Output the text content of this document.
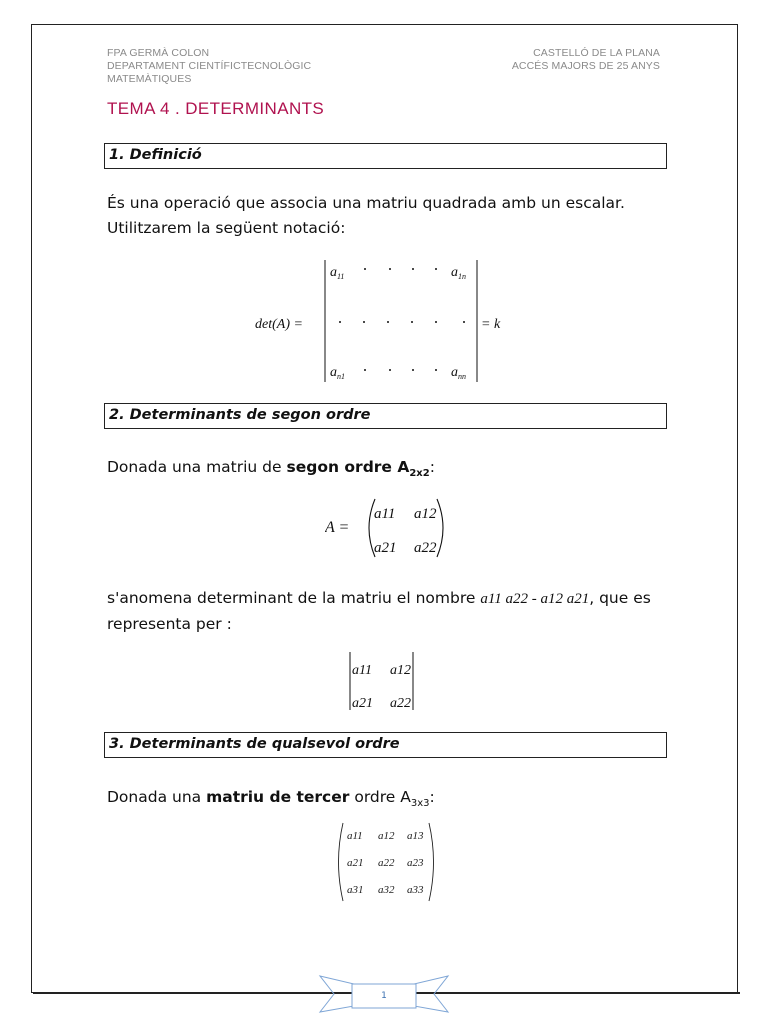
FPA GERMÀ COLON
DEPARTAMENT CIENTÍFICTECNOLÒGIC
MATEMÀTIQUES
CASTELLÓ DE LA PLANA
ACCÉS MAJORS DE 25 ANYS
TEMA 4 . DETERMINANTS
1. Definició
És una operació que associa una matriu quadrada amb un escalar. Utilitzarem la següent notació:
det(A) =
$a_{11}$	$a_{1n}$
$a_{n1}$	$a_{nn}$
= k
2. Determinants de segon ordre
Donada una matriu de segon ordre $A_{2x2}$:
A =
a11 a12
a21 a22
s'anomena determinant de la matriu el nombre a11 a22 - a12 a21, que es representa per :
a11 a12
a21 a22
3. Determinants de qualsevol ordre
Donada una matriu de tercer ordre $A_{3x3}$:
a11 a12 a13
a21 a22 a23
a31 a32 a33
1
